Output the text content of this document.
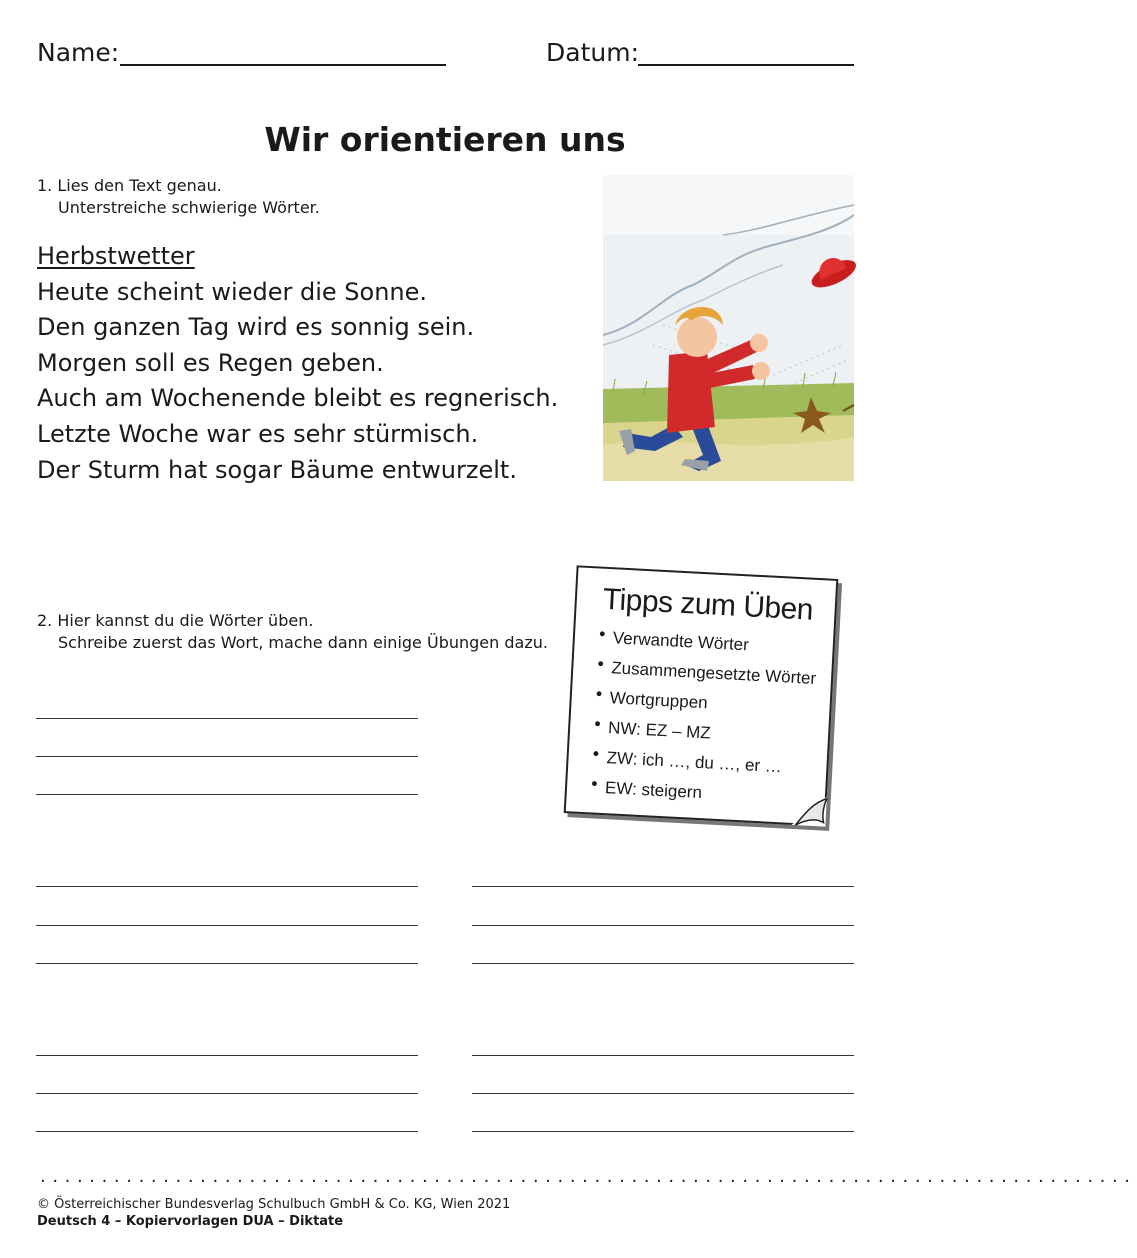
Name:	Datum:
Wir orientieren uns
1. Lies den Text genau.
Unterstreiche schwierige Wörter.
Herbstwetter
Heute scheint wieder die Sonne.
Den ganzen Tag wird es sonnig sein.
Morgen soll es Regen geben.
Auch am Wochenende bleibt es regnerisch.
Letzte Woche war es sehr stürmisch.
Der Sturm hat sogar Bäume entwurzelt.
2. Hier kannst du die Wörter üben.
Schreibe zuerst das Wort, mache dann einige Übungen dazu.
Tipps zum Üben
• Verwandte Wörter
• Zusammengesetzte Wörter
• Wortgruppen
• NW: EZ – MZ
• ZW: ich …, du …, er …
• EW: steigern
.........................................................................................
© Österreichischer Bundesverlag Schulbuch GmbH & Co. KG, Wien 2021
Deutsch 4 – Kopiervorlagen DUA – Diktate
